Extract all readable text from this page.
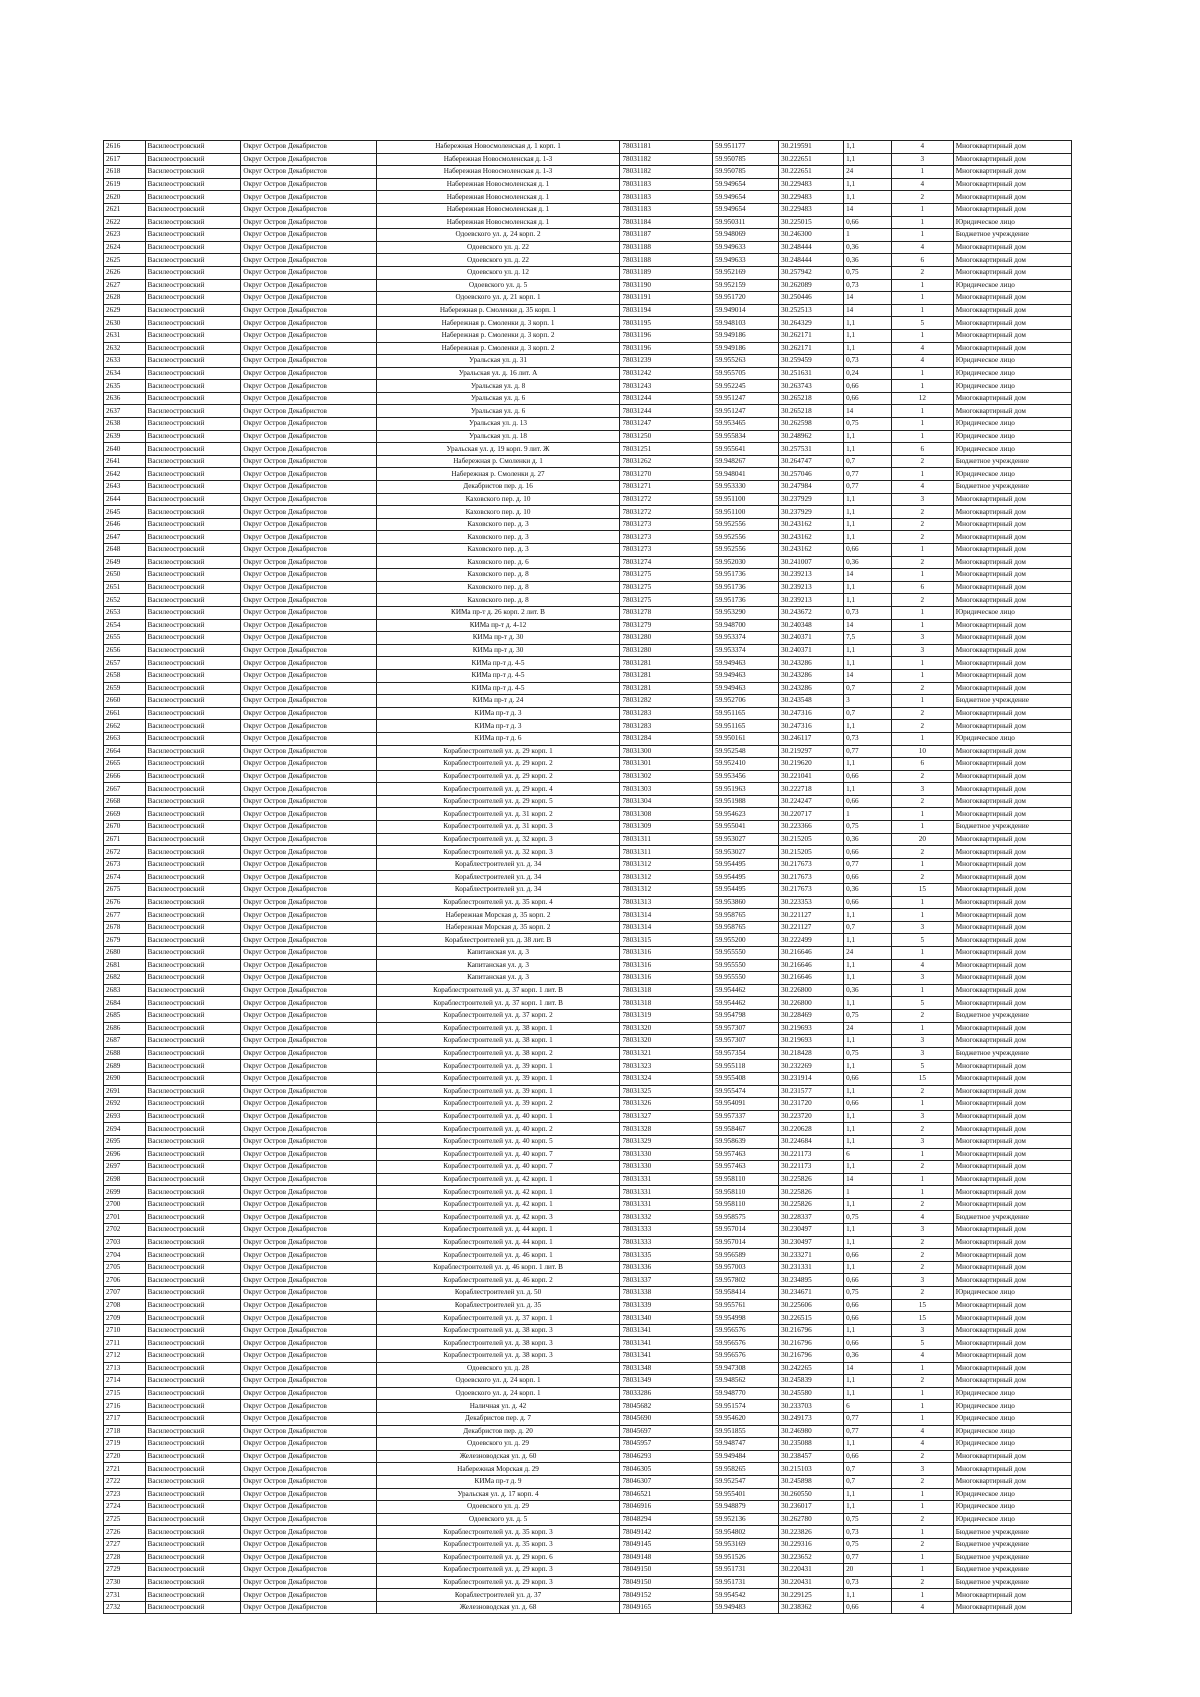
2616	Василеостровский	Округ Остров Декабристов	Набережная Новосмоленская д. 1 корп. 1	78031181	59.951177	30.219591	1,1	4	Многоквартирный дом
2617	Василеостровский	Округ Остров Декабристов	Набережная Новосмоленская д. 1-3	78031182	59.950785	30.222651	1,1	3	Многоквартирный дом
2618	Василеостровский	Округ Остров Декабристов	Набережная Новосмоленская д. 1-3	78031182	59.950785	30.222651	24	1	Многоквартирный дом
2619	Василеостровский	Округ Остров Декабристов	Набережная Новосмоленская д. 1	78031183	59.949654	30.229483	1,1	4	Многоквартирный дом
2620	Василеостровский	Округ Остров Декабристов	Набережная Новосмоленская д. 1	78031183	59.949654	30.229483	1,1	2	Многоквартирный дом
2621	Василеостровский	Округ Остров Декабристов	Набережная Новосмоленская д. 1	78031183	59.949654	30.229483	14	1	Многоквартирный дом
2622	Василеостровский	Округ Остров Декабристов	Набережная Новосмоленская д. 1	78031184	59.950311	30.225015	0,66	1	Юридическое лицо
2623	Василеостровский	Округ Остров Декабристов	Одоевского ул. д. 24 корп. 2	78031187	59.948069	30.246300	1	1	Бюджетное учреждение
2624	Василеостровский	Округ Остров Декабристов	Одоевского ул. д. 22	78031188	59.949633	30.248444	0,36	4	Многоквартирный дом
2625	Василеостровский	Округ Остров Декабристов	Одоевского ул. д. 22	78031188	59.949633	30.248444	0,36	6	Многоквартирный дом
2626	Василеостровский	Округ Остров Декабристов	Одоевского ул. д. 12	78031189	59.952169	30.257942	0,75	2	Многоквартирный дом
2627	Василеостровский	Округ Остров Декабристов	Одоевского ул. д. 5	78031190	59.952159	30.262089	0,73	1	Юридическое лицо
2628	Василеостровский	Округ Остров Декабристов	Одоевского ул. д. 21 корп. 1	78031191	59.951720	30.250446	14	1	Многоквартирный дом
2629	Василеостровский	Округ Остров Декабристов	Набережная р. Смоленки д. 35 корп. 1	78031194	59.949014	30.252513	14	1	Многоквартирный дом
2630	Василеостровский	Округ Остров Декабристов	Набережная р. Смоленки д. 3 корп. 1	78031195	59.948103	30.264329	1,1	5	Многоквартирный дом
2631	Василеостровский	Округ Остров Декабристов	Набережная р. Смоленки д. 3 корп. 2	78031196	59.949186	30.262171	1,1	1	Многоквартирный дом
2632	Василеостровский	Округ Остров Декабристов	Набережная р. Смоленки д. 3 корп. 2	78031196	59.949186	30.262171	1,1	4	Многоквартирный дом
2633	Василеостровский	Округ Остров Декабристов	Уральская ул. д. 31	78031239	59.955263	30.259459	0,73	4	Юридическое лицо
2634	Василеостровский	Округ Остров Декабристов	Уральская ул. д. 16 лит. А	78031242	59.955705	30.251631	0,24	1	Юридическое лицо
2635	Василеостровский	Округ Остров Декабристов	Уральская ул. д. 8	78031243	59.952245	30.263743	0,66	1	Юридическое лицо
2636	Василеостровский	Округ Остров Декабристов	Уральская ул. д. 6	78031244	59.951247	30.265218	0,66	12	Многоквартирный дом
2637	Василеостровский	Округ Остров Декабристов	Уральская ул. д. 6	78031244	59.951247	30.265218	14	1	Многоквартирный дом
2638	Василеостровский	Округ Остров Декабристов	Уральская ул. д. 13	78031247	59.953465	30.262598	0,75	1	Юридическое лицо
2639	Василеостровский	Округ Остров Декабристов	Уральская ул. д. 18	78031250	59.955834	30.248962	1,1	1	Юридическое лицо
2640	Василеостровский	Округ Остров Декабристов	Уральская ул. д. 19 корп. 9 лит. Ж	78031251	59.955641	30.257531	1,1	6	Юридическое лицо
2641	Василеостровский	Округ Остров Декабристов	Набережная р. Смоленки д. 1	78031262	59.948267	30.264747	0,7	2	Бюджетное учреждение
2642	Василеостровский	Округ Остров Декабристов	Набережная р. Смоленки д. 27	78031270	59.948041	30.257046	0,77	1	Юридическое лицо
2643	Василеостровский	Округ Остров Декабристов	Декабристов пер. д. 16	78031271	59.953330	30.247984	0,77	4	Бюджетное учреждение
2644	Василеостровский	Округ Остров Декабристов	Каховского пер. д. 10	78031272	59.951100	30.237929	1,1	3	Многоквартирный дом
2645	Василеостровский	Округ Остров Декабристов	Каховского пер. д. 10	78031272	59.951100	30.237929	1,1	2	Многоквартирный дом
2646	Василеостровский	Округ Остров Декабристов	Каховского пер. д. 3	78031273	59.952556	30.243162	1,1	2	Многоквартирный дом
2647	Василеостровский	Округ Остров Декабристов	Каховского пер. д. 3	78031273	59.952556	30.243162	1,1	2	Многоквартирный дом
2648	Василеостровский	Округ Остров Декабристов	Каховского пер. д. 3	78031273	59.952556	30.243162	0,66	1	Многоквартирный дом
2649	Василеостровский	Округ Остров Декабристов	Каховского пер. д. 6	78031274	59.952030	30.241007	0,36	2	Многоквартирный дом
2650	Василеостровский	Округ Остров Декабристов	Каховского пер. д. 8	78031275	59.951736	30.239213	14	1	Многоквартирный дом
2651	Василеостровский	Округ Остров Декабристов	Каховского пер. д. 8	78031275	59.951736	30.239213	1,1	6	Многоквартирный дом
2652	Василеостровский	Округ Остров Декабристов	Каховского пер. д. 8	78031275	59.951736	30.239213	1,1	2	Многоквартирный дом
2653	Василеостровский	Округ Остров Декабристов	КИМа пр-т д. 26 корп. 2 лит. В	78031278	59.953290	30.243672	0,73	1	Юридическое лицо
2654	Василеостровский	Округ Остров Декабристов	КИМа пр-т д. 4-12	78031279	59.948700	30.240348	14	1	Многоквартирный дом
2655	Василеостровский	Округ Остров Декабристов	КИМа пр-т д. 30	78031280	59.953374	30.240371	7,5	3	Многоквартирный дом
2656	Василеостровский	Округ Остров Декабристов	КИМа пр-т д. 30	78031280	59.953374	30.240371	1,1	3	Многоквартирный дом
2657	Василеостровский	Округ Остров Декабристов	КИМа пр-т д. 4-5	78031281	59.949463	30.243286	1,1	1	Многоквартирный дом
2658	Василеостровский	Округ Остров Декабристов	КИМа пр-т д. 4-5	78031281	59.949463	30.243286	14	1	Многоквартирный дом
2659	Василеостровский	Округ Остров Декабристов	КИМа пр-т д. 4-5	78031281	59.949463	30.243286	0,7	2	Многоквартирный дом
2660	Василеостровский	Округ Остров Декабристов	КИМа пр-т д. 24	78031282	59.952706	30.243548	3	1	Бюджетное учреждение
2661	Василеостровский	Округ Остров Декабристов	КИМа пр-т д. 3	78031283	59.951165	30.247316	0,7	2	Многоквартирный дом
2662	Василеостровский	Округ Остров Декабристов	КИМа пр-т д. 3	78031283	59.951165	30.247316	1,1	2	Многоквартирный дом
2663	Василеостровский	Округ Остров Декабристов	КИМа пр-т д. 6	78031284	59.950161	30.246117	0,73	1	Юридическое лицо
2664	Василеостровский	Округ Остров Декабристов	Кораблестроителей ул. д. 29 корп. 1	78031300	59.952548	30.219297	0,77	10	Многоквартирный дом
2665	Василеостровский	Округ Остров Декабристов	Кораблестроителей ул. д. 29 корп. 2	78031301	59.952410	30.219620	1,1	6	Многоквартирный дом
2666	Василеостровский	Округ Остров Декабристов	Кораблестроителей ул. д. 29 корп. 2	78031302	59.953456	30.221041	0,66	2	Многоквартирный дом
2667	Василеостровский	Округ Остров Декабристов	Кораблестроителей ул. д. 29 корп. 4	78031303	59.951963	30.222718	1,1	3	Многоквартирный дом
2668	Василеостровский	Округ Остров Декабристов	Кораблестроителей ул. д. 29 корп. 5	78031304	59.951988	30.224247	0,66	2	Многоквартирный дом
2669	Василеостровский	Округ Остров Декабристов	Кораблестроителей ул. д. 31 корп. 2	78031308	59.954623	30.220717	1	1	Многоквартирный дом
2670	Василеостровский	Округ Остров Декабристов	Кораблестроителей ул. д. 31 корп. 3	78031309	59.955041	30.223366	0,75	1	Бюджетное учреждение
2671	Василеостровский	Округ Остров Декабристов	Кораблестроителей ул. д. 32 корп. 3	78031311	59.953027	30.215205	0,36	20	Многоквартирный дом
2672	Василеостровский	Округ Остров Декабристов	Кораблестроителей ул. д. 32 корп. 3	78031311	59.953027	30.215205	0,66	2	Многоквартирный дом
2673	Василеостровский	Округ Остров Декабристов	Кораблестроителей ул. д. 34	78031312	59.954495	30.217673	0,77	1	Многоквартирный дом
2674	Василеостровский	Округ Остров Декабристов	Кораблестроителей ул. д. 34	78031312	59.954495	30.217673	0,66	2	Многоквартирный дом
2675	Василеостровский	Округ Остров Декабристов	Кораблестроителей ул. д. 34	78031312	59.954495	30.217673	0,36	15	Многоквартирный дом
2676	Василеостровский	Округ Остров Декабристов	Кораблестроителей ул. д. 35 корп. 4	78031313	59.953860	30.223353	0,66	1	Многоквартирный дом
2677	Василеостровский	Округ Остров Декабристов	Набережная Морская д. 35 корп. 2	78031314	59.958765	30.221127	1,1	1	Многоквартирный дом
2678	Василеостровский	Округ Остров Декабристов	Набережная Морская д. 35 корп. 2	78031314	59.958765	30.221127	0,7	3	Многоквартирный дом
2679	Василеостровский	Округ Остров Декабристов	Кораблестроителей ул. д. 38 лит. В	78031315	59.955200	30.222499	1,1	5	Многоквартирный дом
2680	Василеостровский	Округ Остров Декабристов	Капитанская ул. д. 3	78031316	59.955550	30.216646	24	1	Многоквартирный дом
2681	Василеостровский	Округ Остров Декабристов	Капитанская ул. д. 3	78031316	59.955550	30.216646	1,1	4	Многоквартирный дом
2682	Василеостровский	Округ Остров Декабристов	Капитанская ул. д. 3	78031316	59.955550	30.216646	1,1	3	Многоквартирный дом
2683	Василеостровский	Округ Остров Декабристов	Кораблестроителей ул. д. 37 корп. 1 лит. В	78031318	59.954462	30.226800	0,36	1	Многоквартирный дом
2684	Василеостровский	Округ Остров Декабристов	Кораблестроителей ул. д. 37 корп. 1 лит. В	78031318	59.954462	30.226800	1,1	5	Многоквартирный дом
2685	Василеостровский	Округ Остров Декабристов	Кораблестроителей ул. д. 37 корп. 2	78031319	59.954798	30.228469	0,75	2	Бюджетное учреждение
2686	Василеостровский	Округ Остров Декабристов	Кораблестроителей ул. д. 38 корп. 1	78031320	59.957307	30.219693	24	1	Многоквартирный дом
2687	Василеостровский	Округ Остров Декабристов	Кораблестроителей ул. д. 38 корп. 1	78031320	59.957307	30.219693	1,1	3	Многоквартирный дом
2688	Василеостровский	Округ Остров Декабристов	Кораблестроителей ул. д. 38 корп. 2	78031321	59.957354	30.218428	0,75	3	Бюджетное учреждение
2689	Василеостровский	Округ Остров Декабристов	Кораблестроителей ул. д. 39 корп. 1	78031323	59.955118	30.232269	1,1	5	Многоквартирный дом
2690	Василеостровский	Округ Остров Декабристов	Кораблестроителей ул. д. 39 корп. 1	78031324	59.955408	30.231914	0,66	15	Многоквартирный дом
2691	Василеостровский	Округ Остров Декабристов	Кораблестроителей ул. д. 39 корп. 1	78031325	59.955474	30.231577	1,1	2	Многоквартирный дом
2692	Василеостровский	Округ Остров Декабристов	Кораблестроителей ул. д. 39 корп. 2	78031326	59.954091	30.231720	0,66	1	Многоквартирный дом
2693	Василеостровский	Округ Остров Декабристов	Кораблестроителей ул. д. 40 корп. 1	78031327	59.957337	30.223720	1,1	3	Многоквартирный дом
2694	Василеостровский	Округ Остров Декабристов	Кораблестроителей ул. д. 40 корп. 2	78031328	59.958467	30.220628	1,1	2	Многоквартирный дом
2695	Василеостровский	Округ Остров Декабристов	Кораблестроителей ул. д. 40 корп. 5	78031329	59.958639	30.224684	1,1	3	Многоквартирный дом
2696	Василеостровский	Округ Остров Декабристов	Кораблестроителей ул. д. 40 корп. 7	78031330	59.957463	30.221173	6	1	Многоквартирный дом
2697	Василеостровский	Округ Остров Декабристов	Кораблестроителей ул. д. 40 корп. 7	78031330	59.957463	30.221173	1,1	2	Многоквартирный дом
2698	Василеостровский	Округ Остров Декабристов	Кораблестроителей ул. д. 42 корп. 1	78031331	59.958110	30.225826	14	1	Многоквартирный дом
2699	Василеостровский	Округ Остров Декабристов	Кораблестроителей ул. д. 42 корп. 1	78031331	59.958110	30.225826	1	1	Многоквартирный дом
2700	Василеостровский	Округ Остров Декабристов	Кораблестроителей ул. д. 42 корп. 1	78031331	59.958110	30.225826	1,1	2	Многоквартирный дом
2701	Василеостровский	Округ Остров Декабристов	Кораблестроителей ул. д. 42 корп. 3	78031332	59.958575	30.228337	0,75	4	Бюджетное учреждение
2702	Василеостровский	Округ Остров Декабристов	Кораблестроителей ул. д. 44 корп. 1	78031333	59.957014	30.230497	1,1	3	Многоквартирный дом
2703	Василеостровский	Округ Остров Декабристов	Кораблестроителей ул. д. 44 корп. 1	78031333	59.957014	30.230497	1,1	2	Многоквартирный дом
2704	Василеостровский	Округ Остров Декабристов	Кораблестроителей ул. д. 46 корп. 1	78031335	59.956589	30.233271	0,66	2	Многоквартирный дом
2705	Василеостровский	Округ Остров Декабристов	Кораблестроителей ул. д. 46 корп. 1 лит. В	78031336	59.957003	30.231331	1,1	2	Многоквартирный дом
2706	Василеостровский	Округ Остров Декабристов	Кораблестроителей ул. д. 46 корп. 2	78031337	59.957802	30.234895	0,66	3	Многоквартирный дом
2707	Василеостровский	Округ Остров Декабристов	Кораблестроителей ул. д. 50	78031338	59.958414	30.234671	0,75	2	Юридическое лицо
2708	Василеостровский	Округ Остров Декабристов	Кораблестроителей ул. д. 35	78031339	59.955761	30.225606	0,66	15	Многоквартирный дом
2709	Василеостровский	Округ Остров Декабристов	Кораблестроителей ул. д. 37 корп. 1	78031340	59.954998	30.226515	0,66	15	Многоквартирный дом
2710	Василеостровский	Округ Остров Декабристов	Кораблестроителей ул. д. 38 корп. 3	78031341	59.956576	30.216796	1,1	3	Многоквартирный дом
2711	Василеостровский	Округ Остров Декабристов	Кораблестроителей ул. д. 38 корп. 3	78031341	59.956576	30.216796	0,66	5	Многоквартирный дом
2712	Василеостровский	Округ Остров Декабристов	Кораблестроителей ул. д. 38 корп. 3	78031341	59.956576	30.216796	0,36	4	Многоквартирный дом
2713	Василеостровский	Округ Остров Декабристов	Одоевского ул. д. 28	78031348	59.947308	30.242265	14	1	Многоквартирный дом
2714	Василеостровский	Округ Остров Декабристов	Одоевского ул. д. 24 корп. 1	78031349	59.948562	30.245839	1,1	2	Многоквартирный дом
2715	Василеостровский	Округ Остров Декабристов	Одоевского ул. д. 24 корп. 1	78033286	59.948770	30.245580	1,1	1	Юридическое лицо
2716	Василеостровский	Округ Остров Декабристов	Наличная ул. д. 42	78045682	59.951574	30.233703	6	1	Юридическое лицо
2717	Василеостровский	Округ Остров Декабристов	Декабристов пер. д. 7	78045690	59.954620	30.249173	0,77	1	Юридическое лицо
2718	Василеостровский	Округ Остров Декабристов	Декабристов пер. д. 20	78045697	59.951855	30.246980	0,77	4	Юридическое лицо
2719	Василеостровский	Округ Остров Декабристов	Одоевского ул. д. 29	78045957	59.948747	30.235088	1,1	4	Юридическое лицо
2720	Василеостровский	Округ Остров Декабристов	Железноводская ул. д. 60	78046293	59.949484	30.238457	0,66	2	Многоквартирный дом
2721	Василеостровский	Округ Остров Декабристов	Набережная Морская д. 29	78046305	59.958265	30.215103	0,7	3	Многоквартирный дом
2722	Василеостровский	Округ Остров Декабристов	КИМа пр-т д. 9	78046307	59.952547	30.245898	0,7	2	Многоквартирный дом
2723	Василеостровский	Округ Остров Декабристов	Уральская ул. д. 17 корп. 4	78046521	59.955401	30.260550	1,1	1	Юридическое лицо
2724	Василеостровский	Округ Остров Декабристов	Одоевского ул. д. 29	78046916	59.948879	30.236017	1,1	1	Юридическое лицо
2725	Василеостровский	Округ Остров Декабристов	Одоевского ул. д. 5	78048294	59.952136	30.262780	0,75	2	Юридическое лицо
2726	Василеостровский	Округ Остров Декабристов	Кораблестроителей ул. д. 35 корп. 3	78049142	59.954802	30.223826	0,73	1	Бюджетное учреждение
2727	Василеостровский	Округ Остров Декабристов	Кораблестроителей ул. д. 35 корп. 3	78049145	59.953169	30.229316	0,75	2	Бюджетное учреждение
2728	Василеостровский	Округ Остров Декабристов	Кораблестроителей ул. д. 29 корп. 6	78049148	59.951526	30.223652	0,77	1	Бюджетное учреждение
2729	Василеостровский	Округ Остров Декабристов	Кораблестроителей ул. д. 29 корп. 3	78049150	59.951731	30.220431	20	1	Бюджетное учреждение
2730	Василеостровский	Округ Остров Декабристов	Кораблестроителей ул. д. 29 корп. 3	78049150	59.951731	30.220431	0,73	2	Бюджетное учреждение
2731	Василеостровский	Округ Остров Декабристов	Кораблестроителей ул. д. 37	78049152	59.954542	30.229125	1,1	1	Многоквартирный дом
2732	Василеостровский	Округ Остров Декабристов	Железноводская ул. д. 68	78049165	59.949483	30.238362	0,66	4	Многоквартирный дом
